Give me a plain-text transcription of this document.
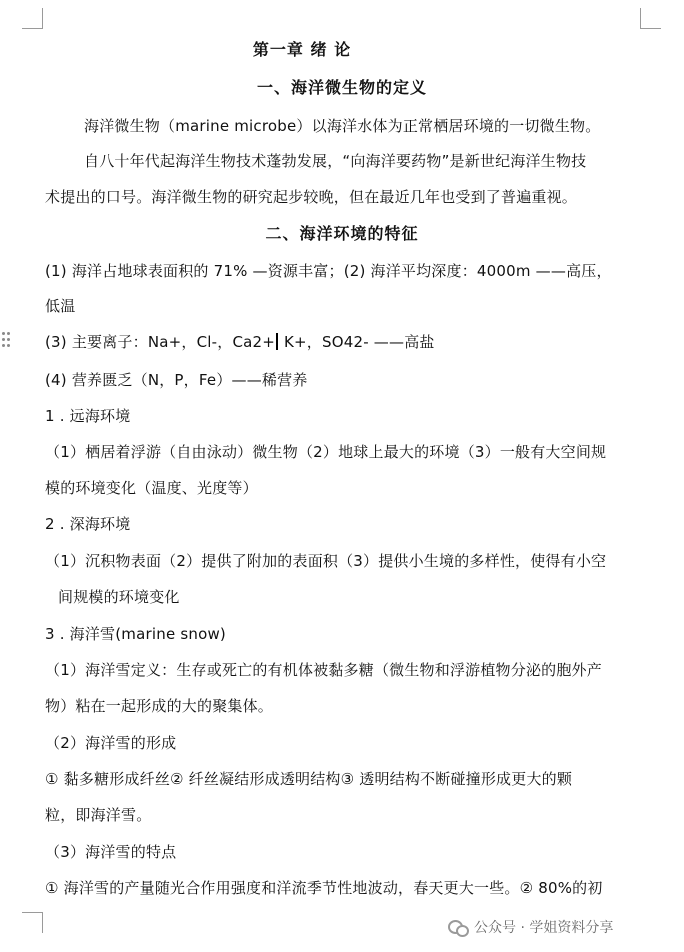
第一章 绪 论
一、海洋微生物的定义
海洋微生物（marine microbe）以海洋水体为正常栖居环境的一切微生物。
自八十年代起海洋生物技术蓬勃发展，“向海洋要药物”是新世纪海洋生物技
术提出的口号。海洋微生物的研究起步较晚，但在最近几年也受到了普遍重视。
二、海洋环境的特征
(1) 海洋占地球表面积的 71% —资源丰富；(2) 海洋平均深度：4000m ——高压，
低温
(3) 主要离子：Na+，Cl-，Ca2+ K+，SO42- ——高盐
(4) 营养匮乏（N，P，Fe）——稀营养
1 . 远海环境
（1）栖居着浮游（自由泳动）微生物（2）地球上最大的环境（3）一般有大空间规
模的环境变化（温度、光度等）
2 . 深海环境
（1）沉积物表面（2）提供了附加的表面积（3）提供小生境的多样性，使得有小空
间规模的环境变化
3 . 海洋雪(marine snow)
（1）海洋雪定义：生存或死亡的有机体被黏多糖（微生物和浮游植物分泌的胞外产
物）粘在一起形成的大的聚集体。
（2）海洋雪的形成
① 黏多糖形成纤丝② 纤丝凝结形成透明结构③ 透明结构不断碰撞形成更大的颗
粒，即海洋雪。
（3）海洋雪的特点
① 海洋雪的产量随光合作用强度和洋流季节性地波动，春天更大一些。② 80%的初
公众号 · 学姐资料分享
